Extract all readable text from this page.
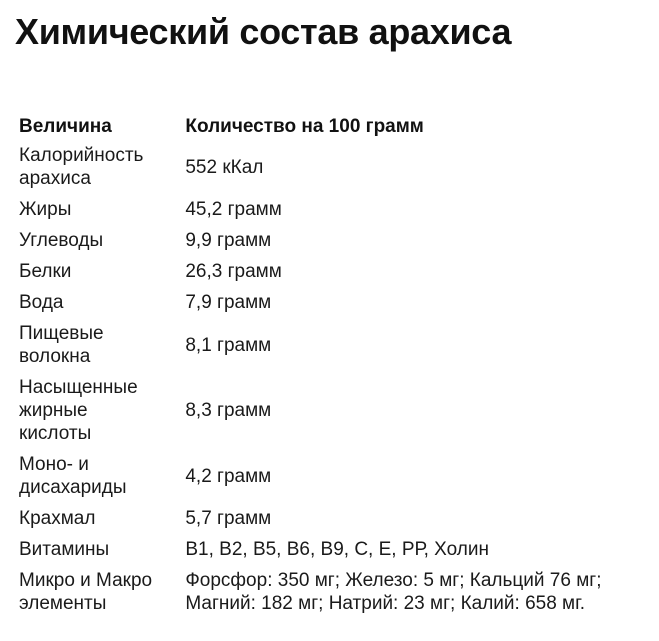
Химический состав арахиса
Величина	Количество на 100 грамм

Калорийность арахиса	552 кКал
Жиры	45,2 грамм
Углеводы	9,9 грамм
Белки	26,3 грамм
Вода	7,9 грамм

Пищевые волокна	8,1 грамм

Насыщенные жирные кислоты	8,3 грамм

Моно- и дисахариды	4,2 грамм
Крахмал	5,7 грамм
Витамины	В1, В2, В5, В6, В9, С, Е, РР, Холин

Микро и Макро элементы	Форсфор: 350 мг; Железо: 5 мг; Кальций 76 мг; Магний: 182 мг; Натрий: 23 мг; Калий: 658 мг.
